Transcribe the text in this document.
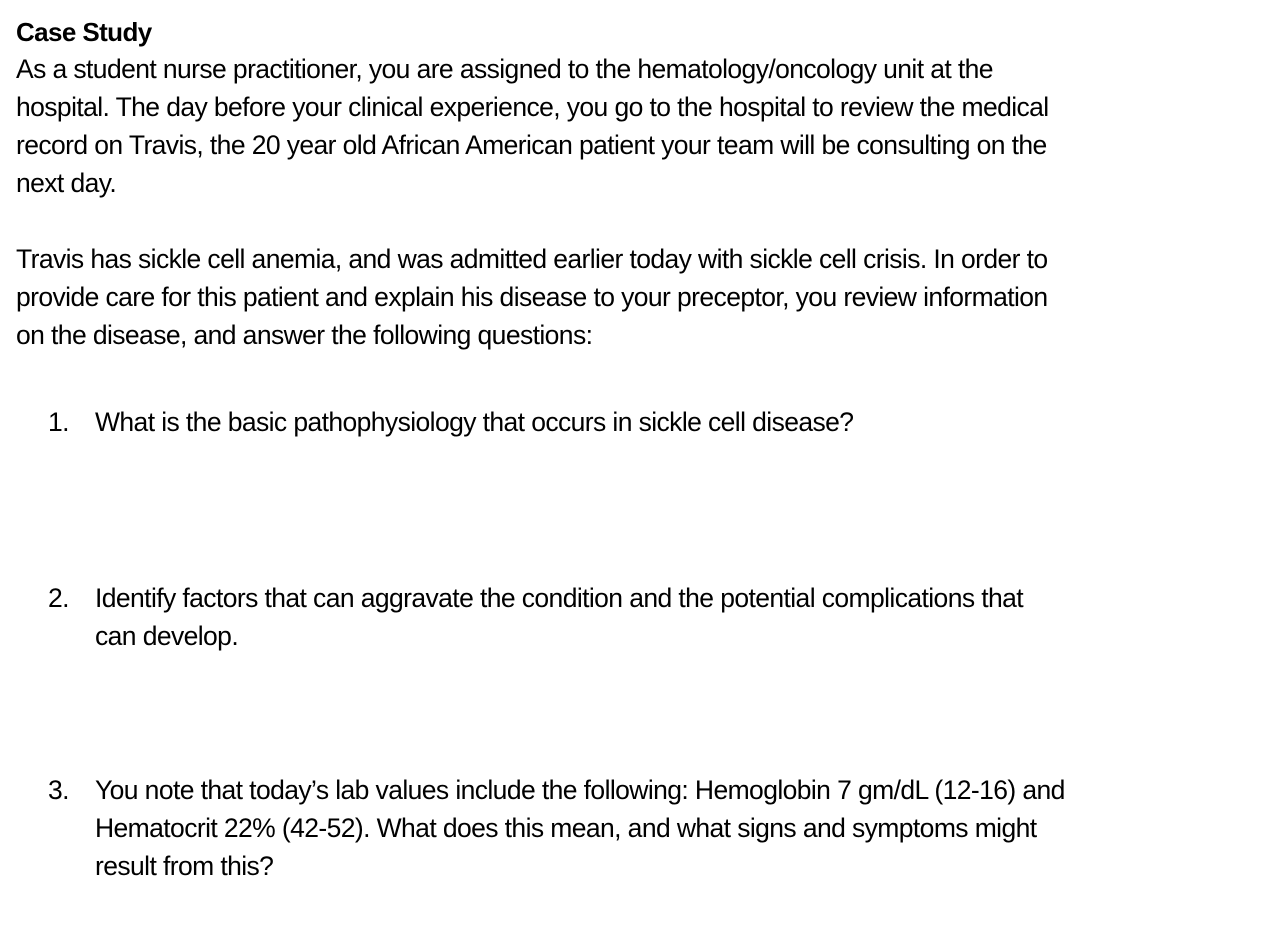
Case Study
As a student nurse practitioner, you are assigned to the hematology/oncology unit at the
hospital. The day before your clinical experience, you go to the hospital to review the medical
record on Travis, the 20 year old African American patient your team will be consulting on the
next day.
Travis has sickle cell anemia, and was admitted earlier today with sickle cell crisis. In order to
provide care for this patient and explain his disease to your preceptor, you review information
on the disease, and answer the following questions:
1. What is the basic pathophysiology that occurs in sickle cell disease?
2. Identify factors that can aggravate the condition and the potential complications that
can develop.
3. You note that today’s lab values include the following: Hemoglobin 7 gm/dL (12-16) and
Hematocrit 22% (42-52). What does this mean, and what signs and symptoms might
result from this?
